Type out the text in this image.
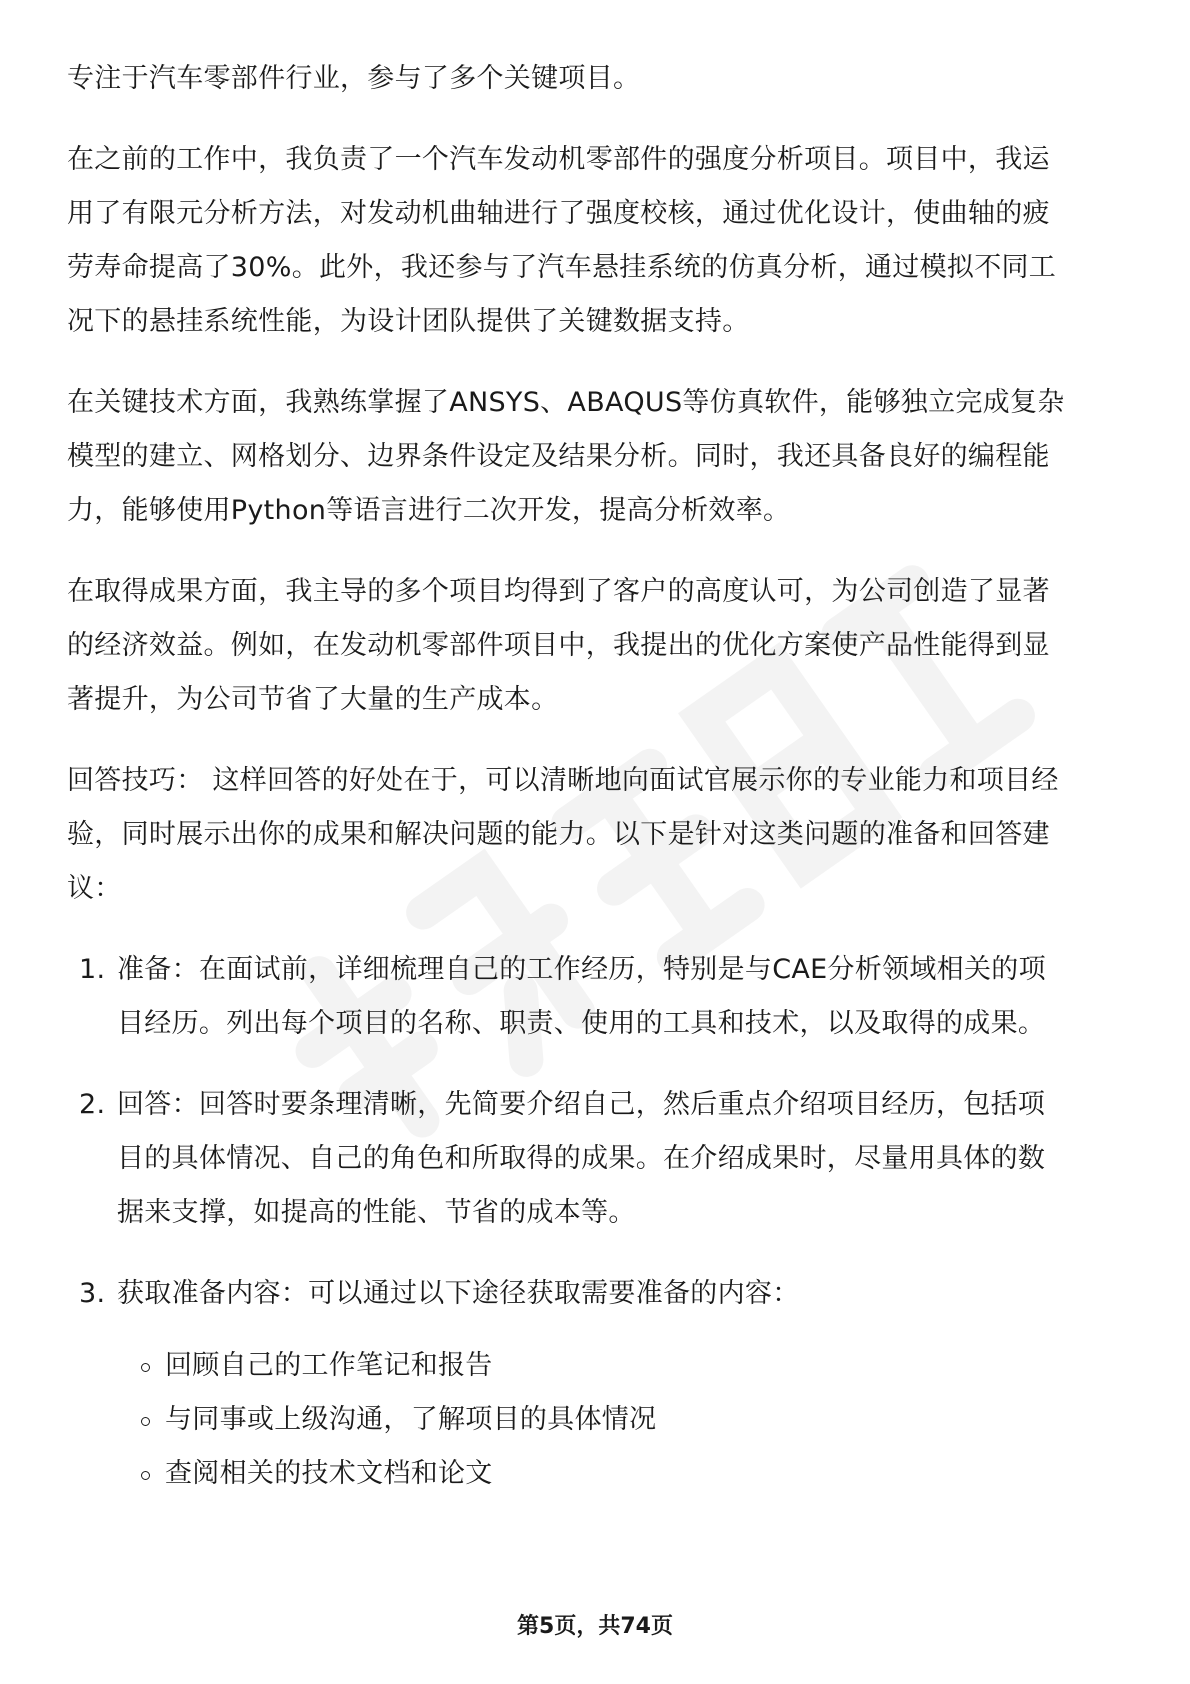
专注于汽车零部件行业，参与了多个关键项目。

在之前的工作中，我负责了一个汽车发动机零部件的强度分析项目。项目中，我运用了有限元分析方法，对发动机曲轴进行了强度校核，通过优化设计，使曲轴的疲劳寿命提高了30%。此外，我还参与了汽车悬挂系统的仿真分析，通过模拟不同工况下的悬挂系统性能，为设计团队提供了关键数据支持。

在关键技术方面，我熟练掌握了ANSYS、ABAQUS等仿真软件，能够独立完成复杂模型的建立、网格划分、边界条件设定及结果分析。同时，我还具备良好的编程能力，能够使用Python等语言进行二次开发，提高分析效率。

在取得成果方面，我主导的多个项目均得到了客户的高度认可，为公司创造了显著的经济效益。例如，在发动机零部件项目中，我提出的优化方案使产品性能得到显著提升，为公司节省了大量的生产成本。

回答技巧： 这样回答的好处在于，可以清晰地向面试官展示你的专业能力和项目经验，同时展示出你的成果和解决问题的能力。以下是针对这类问题的准备和回答建议：

1. 准备：在面试前，详细梳理自己的工作经历，特别是与CAE分析领域相关的项目经历。列出每个项目的名称、职责、使用的工具和技术，以及取得的成果。
2. 回答：回答时要条理清晰，先简要介绍自己，然后重点介绍项目经历，包括项目的具体情况、自己的角色和所取得的成果。在介绍成果时，尽量用具体的数据来支撑，如提高的性能、节省的成本等。
3. 获取准备内容：可以通过以下途径获取需要准备的内容：
回顾自己的工作笔记和报告
与同事或上级沟通，了解项目的具体情况
查阅相关的技术文档和论文
第5页，共74页
